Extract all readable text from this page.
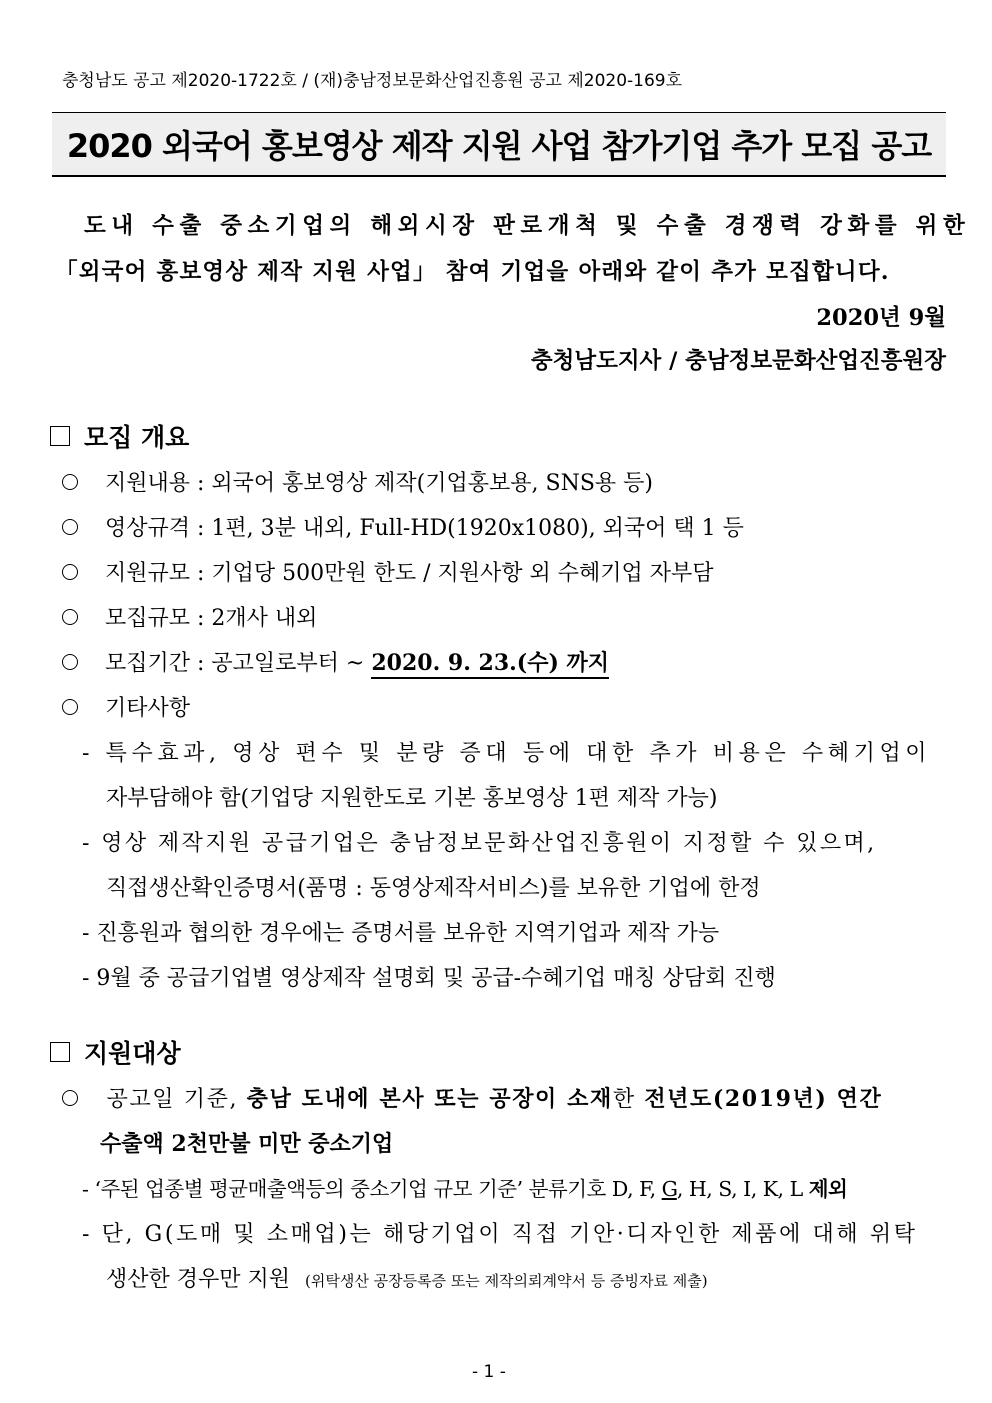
충청남도 공고 제2020-1722호 / (재)충남정보문화산업진흥원 공고 제2020-169호
2020 외국어 홍보영상 제작 지원 사업 참가기업 추가 모집 공고
도내 수출 중소기업의 해외시장 판로개척 및 수출 경쟁력 강화를 위한
「외국어 홍보영상 제작 지원 사업」 참여 기업을 아래와 같이 추가 모집합니다.
2020년 9월
충청남도지사 / 충남정보문화산업진흥원장
모집 개요
지원내용 : 외국어 홍보영상 제작(기업홍보용, SNS용 등)
영상규격 : 1편, 3분 내외, Full-HD(1920x1080), 외국어 택 1 등
지원규모 : 기업당 500만원 한도 / 지원사항 외 수혜기업 자부담
모집규모 : 2개사 내외
모집기간 : 공고일로부터 ~ 2020. 9. 23.(수) 까지
기타사항
- 특수효과, 영상 편수 및 분량 증대 등에 대한 추가 비용은 수혜기업이
자부담해야 함(기업당 지원한도로 기본 홍보영상 1편 제작 가능)
- 영상 제작지원 공급기업은 충남정보문화산업진흥원이 지정할 수 있으며,
직접생산확인증명서(품명 : 동영상제작서비스)를 보유한 기업에 한정
- 진흥원과 협의한 경우에는 증명서를 보유한 지역기업과 제작 가능
- 9월 중 공급기업별 영상제작 설명회 및 공급-수혜기업 매칭 상담회 진행
지원대상
공고일 기준, 충남 도내에 본사 또는 공장이 소재한 전년도(2019년) 연간
수출액 2천만불 미만 중소기업
- ‘주된 업종별 평균매출액등의 중소기업 규모 기준’ 분류기호 D, F, G, H, S, I, K, L 제외
- 단, G(도매 및 소매업)는 해당기업이 직접 기안·디자인한 제품에 대해 위탁
생산한 경우만 지원 (위탁생산 공장등록증 또는 제작의뢰계약서 등 증빙자료 제출)
- 1 -
